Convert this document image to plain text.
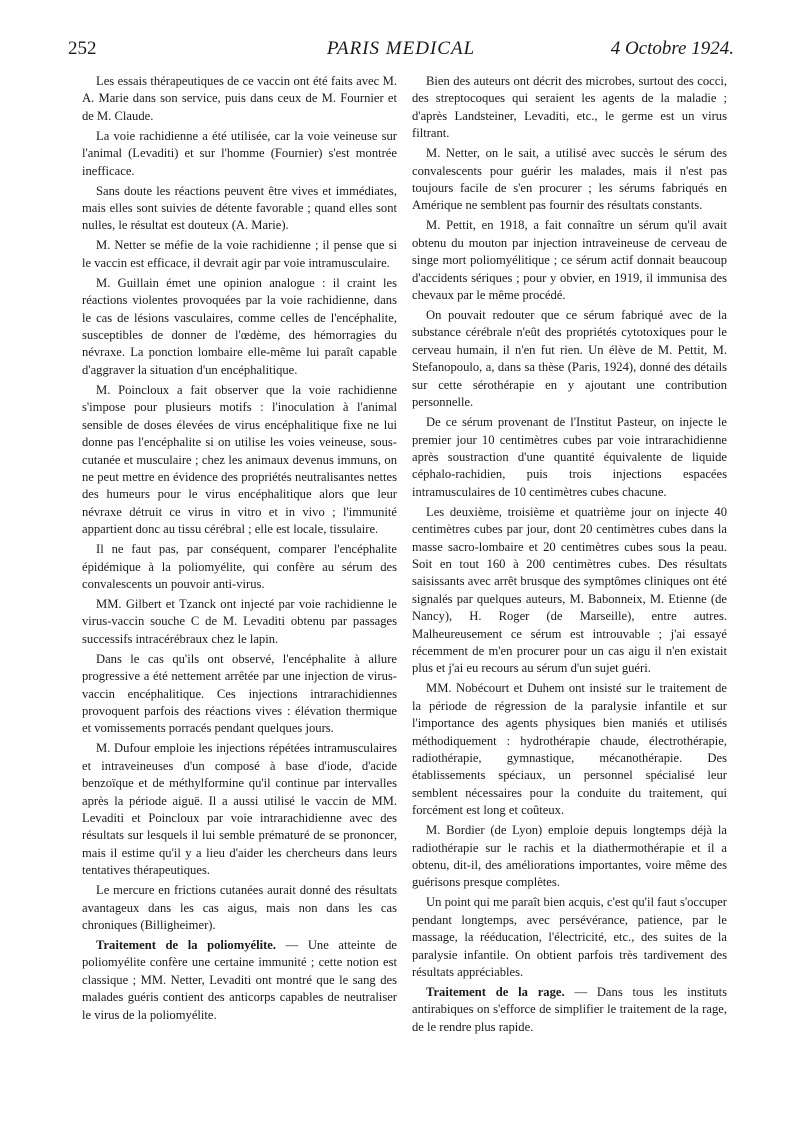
252	PARIS MEDICAL	4 Octobre 1924.

Les essais thérapeutiques de ce vaccin ont été faits avec M. A. Marie dans son service, puis dans ceux de M. Fournier et de M. Claude.

La voie rachidienne a été utilisée, car la voie veineuse sur l'animal (Levaditi) et sur l'homme (Fournier) s'est montrée inefficace.

Sans doute les réactions peuvent être vives et immédiates, mais elles sont suivies de détente favorable ; quand elles sont nulles, le résultat est douteux (A. Marie).

M. Netter se méfie de la voie rachidienne ; il pense que si le vaccin est efficace, il devrait agir par voie intramusculaire.

M. Guillain émet une opinion analogue : il craint les réactions violentes provoquées par la voie rachidienne, dans le cas de lésions vasculaires, comme celles de l'encéphalite, susceptibles de donner de l'œdème, des hémorragies du névraxe. La ponction lombaire elle-même lui paraît capable d'aggraver la situation d'un encéphalitique.

M. Poincloux a fait observer que la voie rachidienne s'impose pour plusieurs motifs : l'inoculation à l'animal sensible de doses élevées de virus encéphalitique fixe ne lui donne pas l'encéphalite si on utilise les voies veineuse, sous-cutanée et musculaire ; chez les animaux devenus immuns, on ne peut mettre en évidence des propriétés neutralisantes nettes des humeurs pour le virus encéphalitique alors que leur névraxe détruit ce virus in vitro et in vivo ; l'immunité appartient donc au tissu cérébral ; elle est locale, tissulaire.

Il ne faut pas, par conséquent, comparer l'encéphalite épidémique à la poliomyélite, qui confère au sérum des convalescents un pouvoir anti-virus.

MM. Gilbert et Tzanck ont injecté par voie rachidienne le virus-vaccin souche C de M. Levaditi obtenu par passages successifs intracérébraux chez le lapin.

Dans le cas qu'ils ont observé, l'encéphalite à allure progressive a été nettement arrêtée par une injection de virus-vaccin encéphalitique. Ces injections intrarachidiennes provoquent parfois des réactions vives : élévation thermique et vomissements porracés pendant quelques jours.

M. Dufour emploie les injections répétées intramusculaires et intraveineuses d'un composé à base d'iode, d'acide benzoïque et de méthylformine qu'il continue par intervalles après la période aiguë. Il a aussi utilisé le vaccin de MM. Levaditi et Poincloux par voie intrarachidienne avec des résultats sur lesquels il lui semble prématuré de se prononcer, mais il estime qu'il y a lieu d'aider les chercheurs dans leurs tentatives thérapeutiques.

Le mercure en frictions cutanées aurait donné des résultats avantageux dans les cas aigus, mais non dans les cas chroniques (Billigheimer).

Traitement de la poliomyélite. — Une atteinte de poliomyélite confère une certaine immunité ; cette notion est classique ; MM. Netter, Levaditi ont montré que le sang des malades guéris contient des anticorps capables de neutraliser le virus de la poliomyélite.

Bien des auteurs ont décrit des microbes, surtout des cocci, des streptocoques qui seraient les agents de la maladie ; d'après Landsteiner, Levaditi, etc., le germe est un virus filtrant.

M. Netter, on le sait, a utilisé avec succès le sérum des convalescents pour guérir les malades, mais il n'est pas toujours facile de s'en procurer ; les sérums fabriqués en Amérique ne semblent pas fournir des résultats constants.

M. Pettit, en 1918, a fait connaître un sérum qu'il avait obtenu du mouton par injection intraveineuse de cerveau de singe mort poliomyélitique ; ce sérum actif donnait beaucoup d'accidents sériques ; pour y obvier, en 1919, il immunisa des chevaux par le même procédé.

On pouvait redouter que ce sérum fabriqué avec de la substance cérébrale n'eût des propriétés cytotoxiques pour le cerveau humain, il n'en fut rien. Un élève de M. Pettit, M. Stefanopoulo, a, dans sa thèse (Paris, 1924), donné des détails sur cette sérothérapie en y ajoutant une contribution personnelle.

De ce sérum provenant de l'Institut Pasteur, on injecte le premier jour 10 centimètres cubes par voie intrarachidienne après soustraction d'une quantité équivalente de liquide céphalo-rachidien, puis trois injections espacées intramusculaires de 10 centimètres cubes chacune.

Les deuxième, troisième et quatrième jour on injecte 40 centimètres cubes par jour, dont 20 centimètres cubes dans la masse sacro-lombaire et 20 centimètres cubes sous la peau. Soit en tout 160 à 200 centimètres cubes. Des résultats saisissants avec arrêt brusque des symptômes cliniques ont été signalés par quelques auteurs, M. Babonneix, M. Etienne (de Nancy), H. Roger (de Marseille), entre autres. Malheureusement ce sérum est introuvable ; j'ai essayé récemment de m'en procurer pour un cas aigu il n'en existait plus et j'ai eu recours au sérum d'un sujet guéri.

MM. Nobécourt et Duhem ont insisté sur le traitement de la période de régression de la paralysie infantile et sur l'importance des agents physiques bien maniés et utilisés méthodiquement : hydrothérapie chaude, électrothérapie, radiothérapie, gymnastique, mécanothérapie. Des établissements spéciaux, un personnel spécialisé leur semblent nécessaires pour la conduite du traitement, qui forcément est long et coûteux.

M. Bordier (de Lyon) emploie depuis longtemps déjà la radiothérapie sur le rachis et la diathermothérapie et il a obtenu, dit-il, des améliorations importantes, voire même des guérisons presque complètes.

Un point qui me paraît bien acquis, c'est qu'il faut s'occuper pendant longtemps, avec persévérance, patience, par le massage, la rééducation, l'électricité, etc., des suites de la paralysie infantile. On obtient parfois très tardivement des résultats appréciables.

Traitement de la rage. — Dans tous les instituts antirabiques on s'efforce de simplifier le traitement de la rage, de le rendre plus rapide.
